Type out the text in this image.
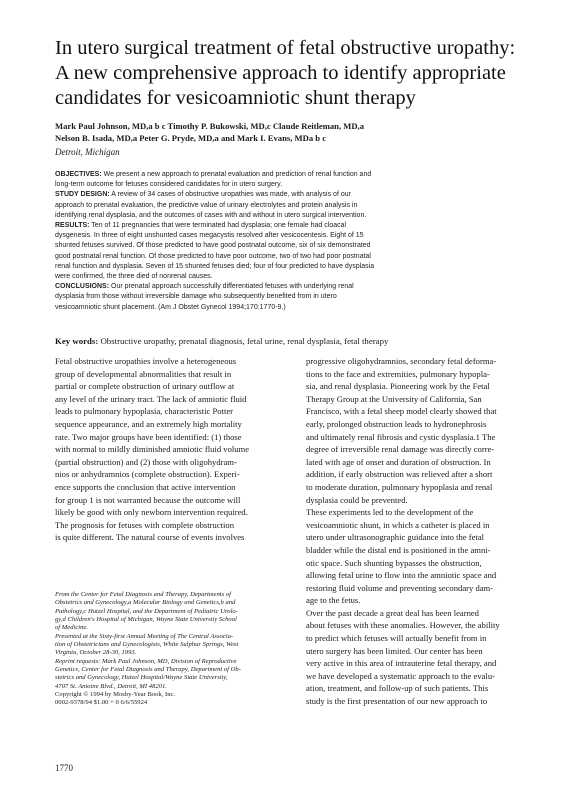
In utero surgical treatment of fetal obstructive uropathy:
A new comprehensive approach to identify appropriate
candidates for vesicoamniotic shunt therapy
Mark Paul Johnson, MD,a b c Timothy P. Bukowski, MD,c Claude Reitleman, MD,a
Nelson B. Isada, MD,a Peter G. Pryde, MD,a and Mark I. Evans, MDa b c
Detroit, Michigan
OBJECTIVES: We present a new approach to prenatal evaluation and prediction of renal function and
long-term outcome for fetuses considered candidates for in utero surgery.
STUDY DESIGN: A review of 34 cases of obstructive uropathies was made, with analysis of our
approach to prenatal evaluation, the predictive value of urinary electrolytes and protein analysis in
identifying renal dysplasia, and the outcomes of cases with and without in utero surgical intervention.
RESULTS: Ten of 11 pregnancies that were terminated had dysplasia; one female had cloacal
dysgenesis. In three of eight unshunted cases megacystis resolved after vesicocentesis. Eight of 15
shunted fetuses survived. Of those predicted to have good postnatal outcome, six of six demonstrated
good postnatal renal function. Of those predicted to have poor outcome, two of two had poor postnatal
renal function and dysplasia. Seven of 15 shunted fetuses died; four of four predicted to have dysplasia
were confirmed, the three died of nonrenal causes.
CONCLUSIONS: Our prenatal approach successfully differentiated fetuses with underlying renal
dysplasia from those without irreversible damage who subsequently benefited from in utero
vesicoamniotic shunt placement. (Am J Obstet Gynecol 1994;170:1770-9.)
Key words: Obstructive uropathy, prenatal diagnosis, fetal urine, renal dysplasia, fetal therapy
Fetal obstructive uropathies involve a heterogeneous
group of developmental abnormalities that result in
partial or complete obstruction of urinary outflow at
any level of the urinary tract. The lack of amniotic fluid
leads to pulmonary hypoplasia, characteristic Potter
sequence appearance, and an extremely high mortality
rate. Two major groups have been identified: (1) those
with normal to mildly diminished amniotic fluid volume
(partial obstruction) and (2) those with oligohydram-
nios or anhydramnios (complete obstruction). Experi-
ence supports the conclusion that active intervention
for group 1 is not warranted because the outcome will
likely be good with only newborn intervention required.
The prognosis for fetuses with complete obstruction
is quite different. The natural course of events involves
From the Center for Fetal Diagnosis and Therapy, Departments of
Obstetrics and Gynecology,a Molecular Biology and Genetics,b and
Pathology,c Hutzel Hospital, and the Department of Pediatric Urolo-
gy,d Children's Hospital of Michigan, Wayne State University School
of Medicine.
Presented at the Sixty-first Annual Meeting of The Central Associa-
tion of Obstetricians and Gynecologists, White Sulphur Springs, West
Virginia, October 28-30, 1993.
Reprint requests: Mark Paul Johnson, MD, Division of Reproductive
Genetics, Center for Fetal Diagnosis and Therapy, Department of Ob-
stetrics and Gynecology, Hutzel Hospital/Wayne State University,
4707 St. Antoine Blvd., Detroit, MI 48201.
Copyright © 1994 by Mosby-Year Book, Inc.
0002-9378/94 $1.00 + 0 6/6/55924
progressive oligohydramnios, secondary fetal deforma-
tions to the face and extremities, pulmonary hypopla-
sia, and renal dysplasia. Pioneering work by the Fetal
Therapy Group at the University of California, San
Francisco, with a fetal sheep model clearly showed that
early, prolonged obstruction leads to hydronephrosis
and ultimately renal fibrosis and cystic dysplasia.1 The
degree of irreversible renal damage was directly corre-
lated with age of onset and duration of obstruction. In
addition, if early obstruction was relieved after a short
to moderate duration, pulmonary hypoplasia and renal
dysplasia could be prevented.
These experiments led to the development of the
vesicoamniotic shunt, in which a catheter is placed in
utero under ultrasonographic guidance into the fetal
bladder while the distal end is positioned in the amni-
otic space. Such shunting bypasses the obstruction,
allowing fetal urine to flow into the amniotic space and
restoring fluid volume and preventing secondary dam-
age to the fetus.
Over the past decade a great deal has been learned
about fetuses with these anomalies. However, the ability
to predict which fetuses will actually benefit from in
utero surgery has been limited. Our center has been
very active in this area of intrauterine fetal therapy, and
we have developed a systematic approach to the evalu-
ation, treatment, and follow-up of such patients. This
study is the first presentation of our new approach to
1770
